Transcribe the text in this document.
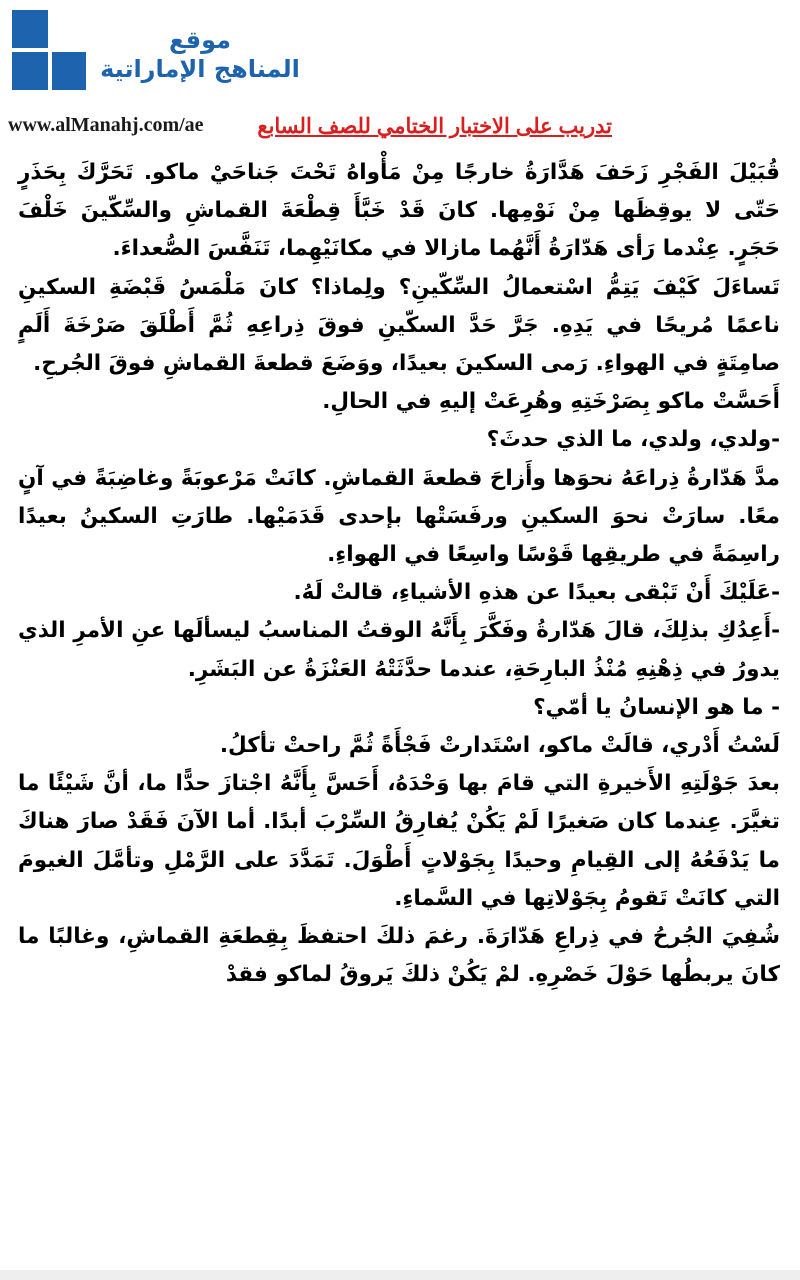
موقع
المناهج الإماراتية
www.alManahj.com/ae	تدريب على الاختبار الختامي للصف السابع

قُبَيْلَ الفَجْرِ زَحَفَ هَدَّارَةُ خارجًا مِنْ مَأْواهُ تَحْتَ جَناحَيْ ماكو. تَحَرَّكَ بِحَذَرٍ حَتّى لا يوقِظَها مِنْ نَوْمِها. كانَ قَدْ خَبَّأَ قِطْعَةَ القماشِ والسِّكّينَ خَلْفَ حَجَرٍ. عِنْدما رَأى هَدّارَةُ أَنَّهُما مازالا في مكانَيْهِما، تَنَفَّسَ الصُّعداءَ.

تَساءَلَ كَيْفَ يَتِمُّ اسْتعمالُ السِّكّينِ؟ ولِماذا؟ كانَ مَلْمَسُ قَبْضَةِ السكينِ ناعمًا مُريحًا في يَدِهِ. جَرَّ حَدَّ السكّينِ فوقَ ذِراعِهِ ثُمَّ أَطْلَقَ صَرْخَةَ أَلَمٍ صامِتَةٍ في الهواءِ. رَمى السكينَ بعيدًا، ووَضَعَ قطعةَ القماشِ فوقَ الجُرحِ.

أَحَسَّتْ ماكو بِصَرْخَتِهِ وهُرِعَتْ إليهِ في الحالِ.

-ولدي، ولدي، ما الذي حدثَ؟

مدَّ هَدّارةُ ذِراعَهُ نحوَها وأَزاحَ قطعةَ القماشِ. كانَتْ مَرْعوبَةً وغاضِبَةً في آنٍ معًا. سارَتْ نحوَ السكينِ ورفَسَتْها بإحدى قَدَمَيْها. طارَتِ السكينُ بعيدًا راسِمَةً في طريقِها قَوْسًا واسِعًا في الهواءِ.

-عَلَيْكَ أَنْ تَبْقى بعيدًا عن هذهِ الأشياءِ، قالتْ لَهُ.

-أَعِدُكِ بذلِكَ، قالَ هَدّارةُ وفَكَّرَ بِأَنَّهُ الوقتُ المناسبُ ليسألَها عنِ الأمرِ الذي يدورُ في ذِهْنِهِ مُنْذُ البارِحَةِ، عندما حدَّثَتْهُ العَنْزَةُ عن البَشَرِ.

- ما هو الإنسانُ يا أمّي؟

لَسْتُ أَدْري، قالَتْ ماكو، اسْتَدارتْ فَجْأَةً ثُمَّ راحتْ تأكلُ.

بعدَ جَوْلَتِهِ الأَخيرةِ التي قامَ بها وَحْدَهُ، أَحَسَّ بِأَنَّهُ اجْتازَ حدًّا ما، أنَّ شَيْئًا ما تغيَّرَ. عِندما كان صَغيرًا لَمْ يَكُنْ يُفارِقُ السِّرْبَ أبدًا. أما الآنَ فَقَدْ صارَ هناكَ ما يَدْفَعُهُ إلى القِيامِ وحيدًا بِجَوْلاتٍ أَطْوَلَ. تَمَدَّدَ على الرَّمْلِ وتأمَّلَ الغيومَ التي كانَتْ تَقومُ بِجَوْلاتِها في السَّماءِ.

شُفِيَ الجُرحُ في ذِراعِ هَدّارَةَ. رغمَ ذلكَ احتفظَ بِقِطعَةِ القماشِ، وغالبًا ما كانَ يربطُها حَوْلَ خَصْرِهِ. لمْ يَكُنْ ذلكَ يَروقُ لماكو فقدْ
